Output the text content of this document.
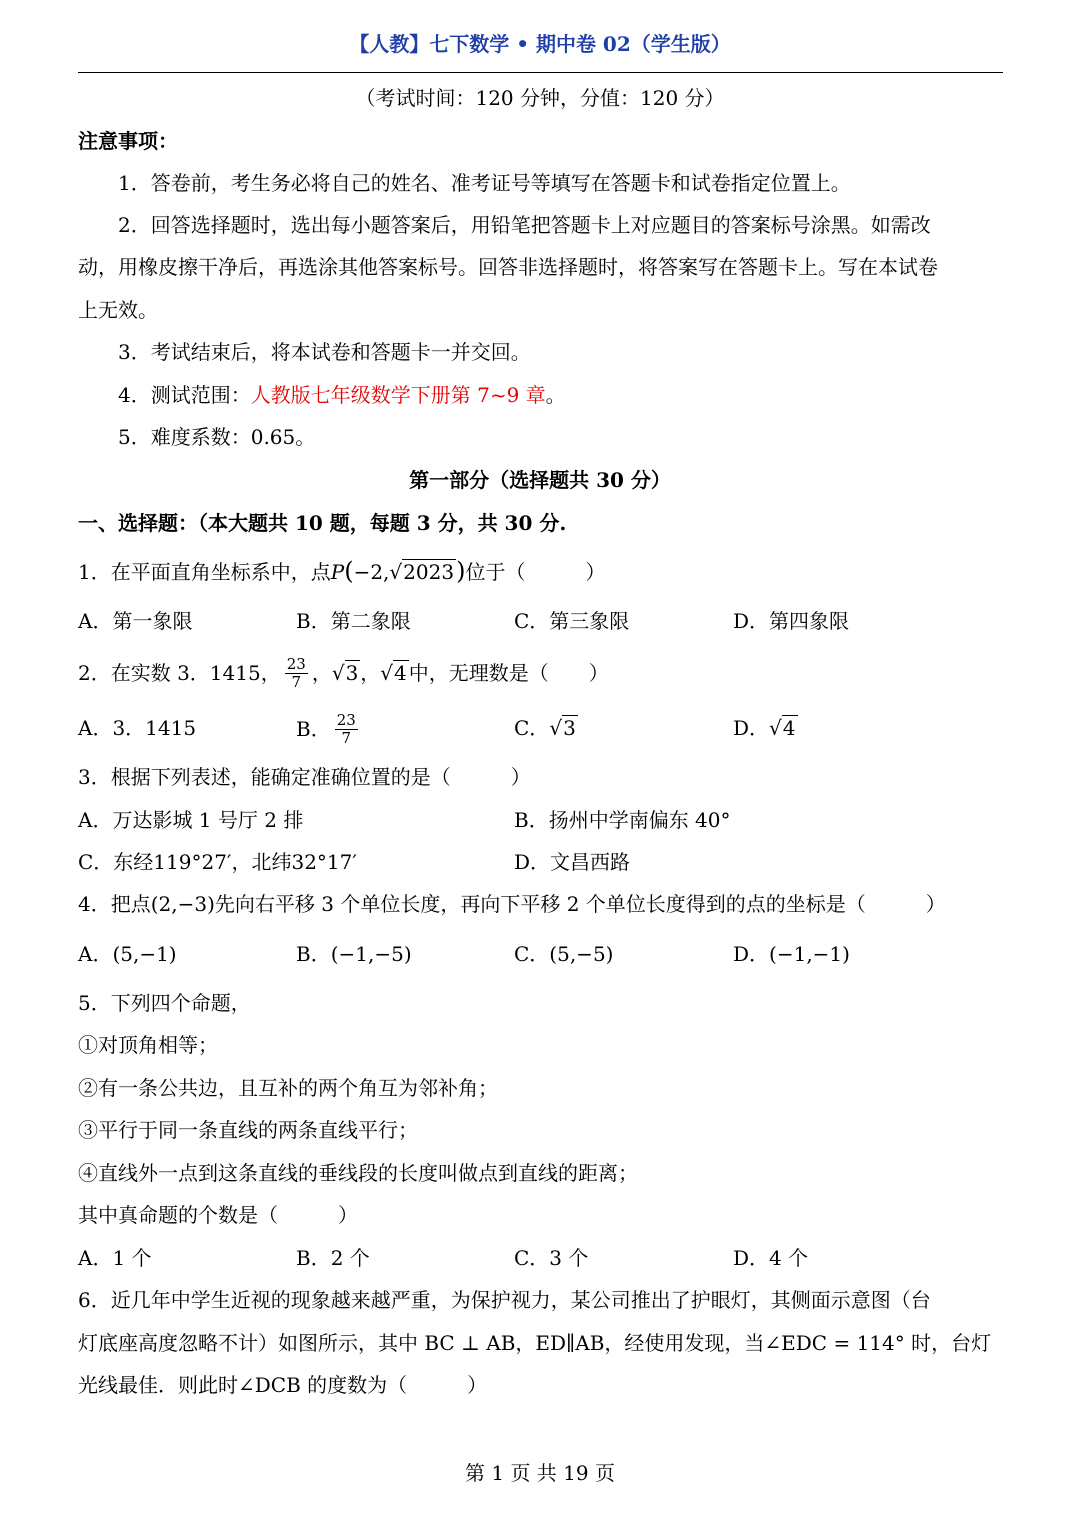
【人教】七下数学 • 期中卷 02（学生版）
（考试时间：120 分钟，分值：120 分）
注意事项：
1．答卷前，考生务必将自己的姓名、准考证号等填写在答题卡和试卷指定位置上。
2．回答选择题时，选出每小题答案后，用铅笔把答题卡上对应题目的答案标号涂黑。如需改
动，用橡皮擦干净后，再选涂其他答案标号。回答非选择题时，将答案写在答题卡上。写在本试卷
上无效。
3．考试结束后，将本试卷和答题卡一并交回。
4．测试范围：人教版七年级数学下册第 7~9 章。
5．难度系数：0.65。
第一部分（选择题共 30 分）
一、选择题：（本大题共 10 题，每题 3 分，共 30 分.
1．在平面直角坐标系中，点P(−2,√2023)位于（　　　）
A．第一象限	B．第二象限	C．第三象限	D．第四象限
2．在实数 3．1415， $\frac{23}{7}$ ， √3 ， √4 中，无理数是（　　）
A．3．1415	B． $\frac{23}{7}$	C．√3	D．√4
3．根据下列表述，能确定准确位置的是（　　　）
A．万达影城 1 号厅 2 排	B．扬州中学南偏东 40°
C．东经119°27′，北纬32°17′	D．文昌西路
4．把点(2,−3)先向右平移 3 个单位长度，再向下平移 2 个单位长度得到的点的坐标是（　　　）
A．(5,−1)	B．(−1,−5)	C．(5,−5)	D．(−1,−1)
5．下列四个命题，
①对顶角相等；
②有一条公共边，且互补的两个角互为邻补角；
③平行于同一条直线的两条直线平行；
④直线外一点到这条直线的垂线段的长度叫做点到直线的距离；
其中真命题的个数是（　　　）
A．1 个	B．2 个	C．3 个	D．4 个
6．近几年中学生近视的现象越来越严重，为保护视力，某公司推出了护眼灯，其侧面示意图（台
灯底座高度忽略不计）如图所示，其中 BC ⊥ AB，ED∥AB，经使用发现，当∠EDC = 114° 时，台灯
光线最佳．则此时∠DCB 的度数为（　　　）
第 1 页 共 19 页
